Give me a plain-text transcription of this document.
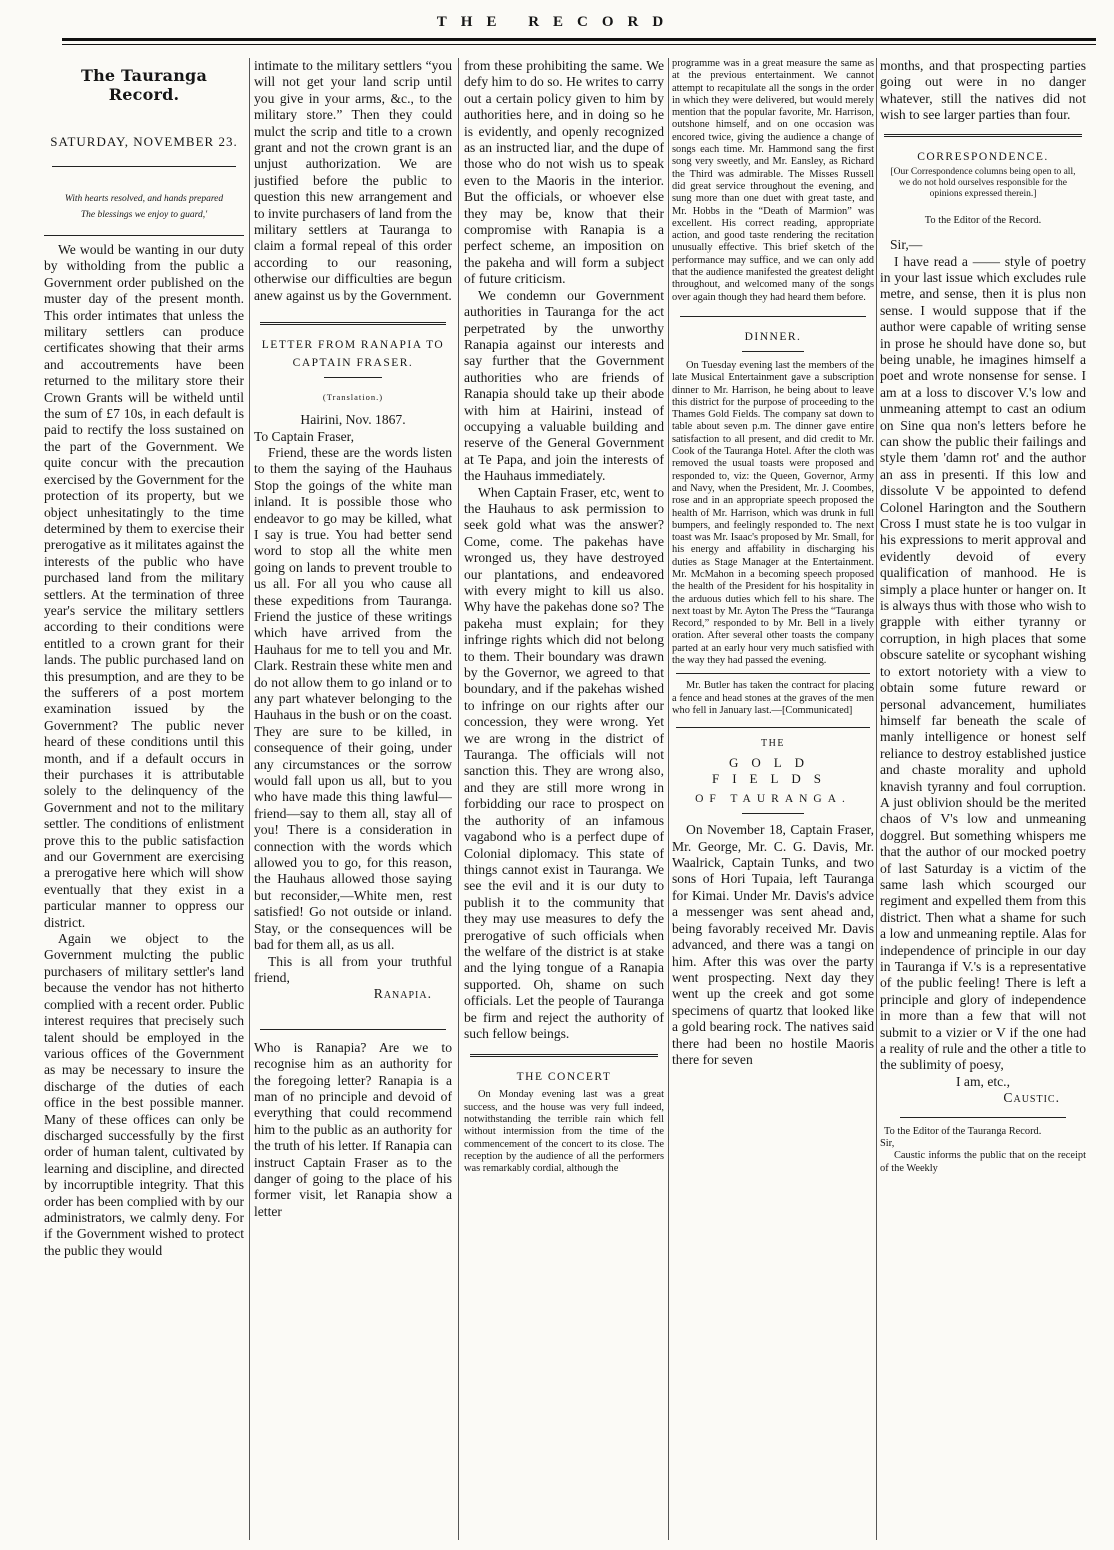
THE RECORD
The Tauranga Record.
SATURDAY, NOVEMBER 23.
With hearts resolved, and hands prepared
The blessings we enjoy to guard,'

We would be wanting in our duty by witholding from the public a Government order published on the muster day of the present month. This order intimates that unless the military settlers can produce certificates showing that their arms and accoutrements have been returned to the military store their Crown Grants will be witheld until the sum of £7 10s, in each default is paid to rectify the loss sustained on the part of the Government. We quite concur with the precaution exercised by the Government for the protection of its property, but we object unhesitatingly to the time determined by them to exercise their prerogative as it militates against the interests of the public who have purchased land from the military settlers. At the termination of three year's service the military settlers according to their conditions were entitled to a crown grant for their lands. The public purchased land on this presumption, and are they to be the sufferers of a post mortem examination issued by the Government? The public never heard of these conditions until this month, and if a default occurs in their purchases it is attributable solely to the delinquency of the Government and not to the military settler. The conditions of enlistment prove this to the public satisfaction and our Government are exercising a prerogative here which will show eventually that they exist in a particular manner to oppress our district.

Again we object to the Government mulcting the public purchasers of military settler's land because the vendor has not hitherto complied with a recent order. Public interest requires that precisely such talent should be employed in the various offices of the Government as may be necessary to insure the discharge of the duties of each office in the best possible manner. Many of these offices can only be discharged successfully by the first order of human talent, cultivated by learning and discipline, and directed by incorruptible integrity. That this order has been complied with by our administrators, we calmly deny. For if the Government wished to protect the public they would

intimate to the military settlers “you will not get your land scrip until you give in your arms, &c., to the military store.” Then they could mulct the scrip and title to a crown grant and not the crown grant is an unjust authorization. We are justified before the public to question this new arrangement and to invite purchasers of land from the military settlers at Tauranga to claim a formal repeal of this order according to our reasoning, otherwise our difficulties are begun anew against us by the Government.

LETTER FROM RANAPIA TO
CAPTAIN FRASER.
(Translation.)

Hairini, Nov. 1867.

To Captain Fraser,

Friend, these are the words listen to them the saying of the Hauhaus Stop the goings of the white man inland. It is possible those who endeavor to go may be killed, what I say is true. You had better send word to stop all the white men going on lands to prevent trouble to us all. For all you who cause all these expeditions from Tauranga. Friend the justice of these writings which have arrived from the Hauhaus for me to tell you and Mr. Clark. Restrain these white men and do not allow them to go inland or to any part whatever belonging to the Hauhaus in the bush or on the coast. They are sure to be killed, in consequence of their going, under any circumstances or the sorrow would fall upon us all, but to you who have made this thing lawful—friend—say to them all, stay all of you! There is a consideration in connection with the words which allowed you to go, for this reason, the Hauhaus allowed those saying but reconsider,—White men, rest satisfied! Go not outside or inland. Stay, or the consequences will be bad for them all, as us all.

This is all from your truthful friend,

Ranapia.

Who is Ranapia? Are we to recognise him as an authority for the foregoing letter? Ranapia is a man of no principle and devoid of everything that could recommend him to the public as an authority for the truth of his letter. If Ranapia can instruct Captain Fraser as to the danger of going to the place of his former visit, let Ranapia show a letter

from these prohibiting the same. We defy him to do so. He writes to carry out a certain policy given to him by authorities here, and in doing so he is evidently, and openly recognized as an instructed liar, and the dupe of those who do not wish us to speak even to the Maoris in the interior. But the officials, or whoever else they may be, know that their compromise with Ranapia is a perfect scheme, an imposition on the pakeha and will form a subject of future criticism.

We condemn our Government authorities in Tauranga for the act perpetrated by the unworthy Ranapia against our interests and say further that the Government authorities who are friends of Ranapia should take up their abode with him at Hairini, instead of occupying a valuable building and reserve of the General Government at Te Papa, and join the interests of the Hauhaus immediately.

When Captain Fraser, etc, went to the Hauhaus to ask permission to seek gold what was the answer? Come, come. The pakehas have wronged us, they have destroyed our plantations, and endeavored with every might to kill us also. Why have the pakehas done so? The pakeha must explain; for they infringe rights which did not belong to them. Their boundary was drawn by the Governor, we agreed to that boundary, and if the pakehas wished to infringe on our rights after our concession, they were wrong. Yet we are wrong in the district of Tauranga. The officials will not sanction this. They are wrong also, and they are still more wrong in forbidding our race to prospect on the authority of an infamous vagabond who is a perfect dupe of Colonial diplomacy. This state of things cannot exist in Tauranga. We see the evil and it is our duty to publish it to the community that they may use measures to defy the prerogative of such officials when the welfare of the district is at stake and the lying tongue of a Ranapia supported. Oh, shame on such officials. Let the people of Tauranga be firm and reject the authority of such fellow beings.

THE CONCERT

On Monday evening last was a great success, and the house was very full indeed, notwithstanding the terrible rain which fell without intermission from the time of the commencement of the concert to its close. The reception by the audience of all the performers was remarkably cordial, although the

programme was in a great measure the same as at the previous entertainment. We cannot attempt to recapitulate all the songs in the order in which they were delivered, but would merely mention that the popular favorite, Mr. Harrison, outshone himself, and on one occasion was encored twice, giving the audience a change of songs each time. Mr. Hammond sang the first song very sweetly, and Mr. Eansley, as Richard the Third was admirable. The Misses Russell did great service throughout the evening, and sung more than one duet with great taste, and Mr. Hobbs in the “Death of Marmion” was excellent. His correct reading, appropriate action, and good taste rendering the recitation unusually effective. This brief sketch of the performance may suffice, and we can only add that the audience manifested the greatest delight throughout, and welcomed many of the songs over again though they had heard them before.

DINNER.

On Tuesday evening last the members of the late Musical Entertainment gave a subscription dinner to Mr. Harrison, he being about to leave this district for the purpose of proceeding to the Thames Gold Fields. The company sat down to table about seven p.m. The dinner gave entire satisfaction to all present, and did credit to Mr. Cook of the Tauranga Hotel. After the cloth was removed the usual toasts were proposed and responded to, viz: the Queen, Governor, Army and Navy, when the President, Mr. J. Coombes, rose and in an appropriate speech proposed the health of Mr. Harrison, which was drunk in full bumpers, and feelingly responded to. The next toast was Mr. Isaac's proposed by Mr. Small, for his energy and affability in discharging his duties as Stage Manager at the Entertainment. Mr. McMahon in a becoming speech proposed the health of the President for his hospitality in the arduous duties which fell to his share. The next toast by Mr. Ayton The Press the “Tauranga Record,” responded to by Mr. Bell in a lively oration. After several other toasts the company parted at an early hour very much satisfied with the way they had passed the evening.

Mr. Butler has taken the contract for placing a fence and head stones at the graves of the men who fell in January last.—[Communicated]

THE
GOLD FIELDS
OF TAURANGA.

On November 18, Captain Fraser, Mr. George, Mr. C. G. Davis, Mr. Waalrick, Captain Tunks, and two sons of Hori Tupaia, left Tauranga for Kimai. Under Mr. Davis's advice a messenger was sent ahead and, being favorably received Mr. Davis advanced, and there was a tangi on him. After this was over the party went prospecting. Next day they went up the creek and got some specimens of quartz that looked like a gold bearing rock. The natives said there had been no hostile Maoris there for seven

months, and that prospecting parties going out were in no danger whatever, still the natives did not wish to see larger parties than four.

CORRESPONDENCE.
[Our Correspondence columns being open to all, we do not hold ourselves responsible for the opinions expressed therein.]
To the Editor of the Record.

Sir,—

I have read a —— style of poetry in your last issue which excludes rule metre, and sense, then it is plus non sense. I would suppose that if the author were capable of writing sense in prose he should have done so, but being unable, he imagines himself a poet and wrote nonsense for sense. I am at a loss to discover V.'s low and unmeaning attempt to cast an odium on Sine qua non's letters before he can show the public their failings and style them 'damn rot' and the author an ass in presenti. If this low and dissolute V be appointed to defend Colonel Harington and the Southern Cross I must state he is too vulgar in his expressions to merit approval and evidently devoid of every qualification of manhood. He is simply a place hunter or hanger on. It is always thus with those who wish to grapple with either tyranny or corruption, in high places that some obscure satelite or sycophant wishing to extort notoriety with a view to obtain some future reward or personal advancement, humiliates himself far beneath the scale of manly intelligence or honest self reliance to destroy established justice and chaste morality and uphold knavish tyranny and foul corruption. A just oblivion should be the merited chaos of V's low and unmeaning doggrel. But something whispers me that the author of our mocked poetry of last Saturday is a victim of the same lash which scourged our regiment and expelled them from this district. Then what a shame for such a low and unmeaning reptile. Alas for independence of principle in our day in Tauranga if V.'s is a representative of the public feeling! There is left a principle and glory of independence in more than a few that will not submit to a vizier or V if the one had a reality of rule and the other a title to the sublimity of poesy,

I am, etc.,

Caustic.

To the Editor of the Tauranga Record.

Sir,

Caustic informs the public that on the receipt of the Weekly
